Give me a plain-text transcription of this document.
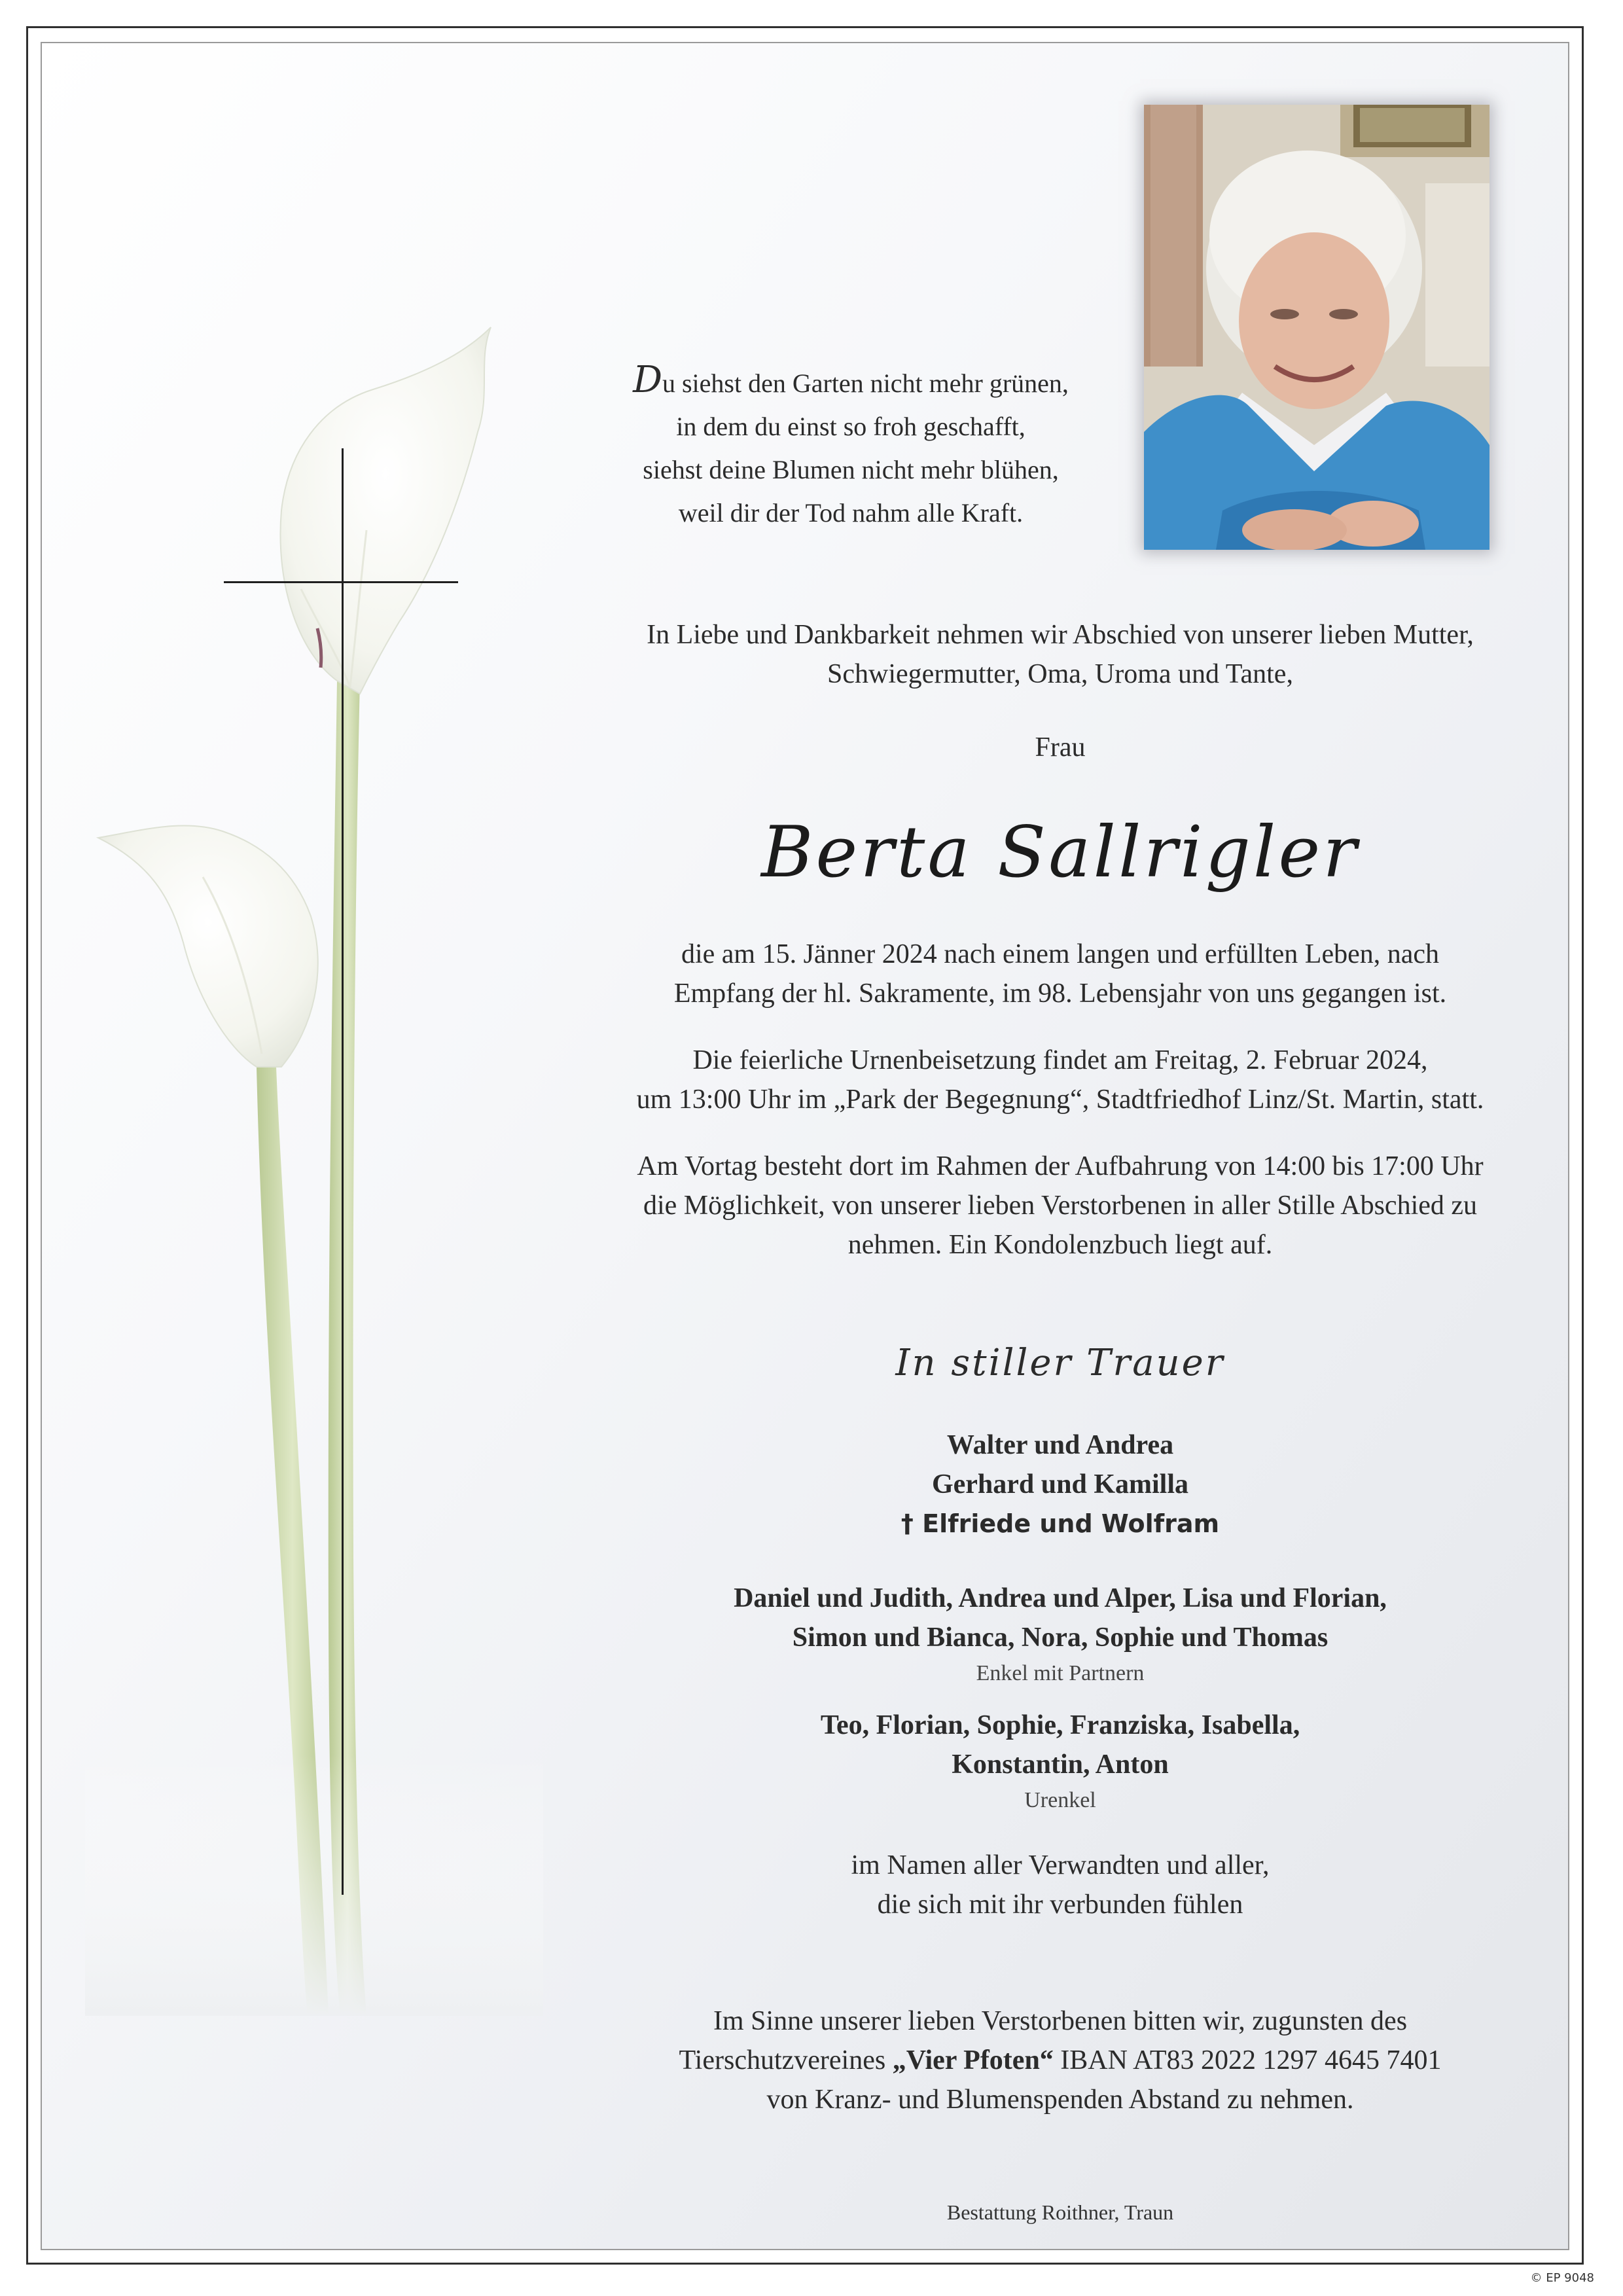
Du siehst den Garten nicht mehr grünen,
in dem du einst so froh geschafft,
siehst deine Blumen nicht mehr blühen,
weil dir der Tod nahm alle Kraft.
In Liebe und Dankbarkeit nehmen wir Abschied von unserer lieben Mutter,
Schwiegermutter, Oma, Uroma und Tante,
Frau
Berta Sallrigler
die am 15. Jänner 2024 nach einem langen und erfüllten Leben, nach
Empfang der hl. Sakramente, im 98. Lebensjahr von uns gegangen ist.
Die feierliche Urnenbeisetzung findet am Freitag, 2. Februar 2024,
um 13:00 Uhr im „Park der Begegnung“, Stadtfriedhof Linz/St. Martin, statt.
Am Vortag besteht dort im Rahmen der Aufbahrung von 14:00 bis 17:00 Uhr
die Möglichkeit, von unserer lieben Verstorbenen in aller Stille Abschied zu
nehmen. Ein Kondolenzbuch liegt auf.
In stiller Trauer
Walter und Andrea
Gerhard und Kamilla
† Elfriede und Wolfram
Daniel und Judith, Andrea und Alper, Lisa und Florian,
Simon und Bianca, Nora, Sophie und Thomas
Enkel mit Partnern
Teo, Florian, Sophie, Franziska, Isabella,
Konstantin, Anton
Urenkel
im Namen aller Verwandten und aller,
die sich mit ihr verbunden fühlen
Im Sinne unserer lieben Verstorbenen bitten wir, zugunsten des
Tierschutzvereines „Vier Pfoten“ IBAN AT83 2022 1297 4645 7401
von Kranz- und Blumenspenden Abstand zu nehmen.
Bestattung Roithner, Traun
© EP 9048
